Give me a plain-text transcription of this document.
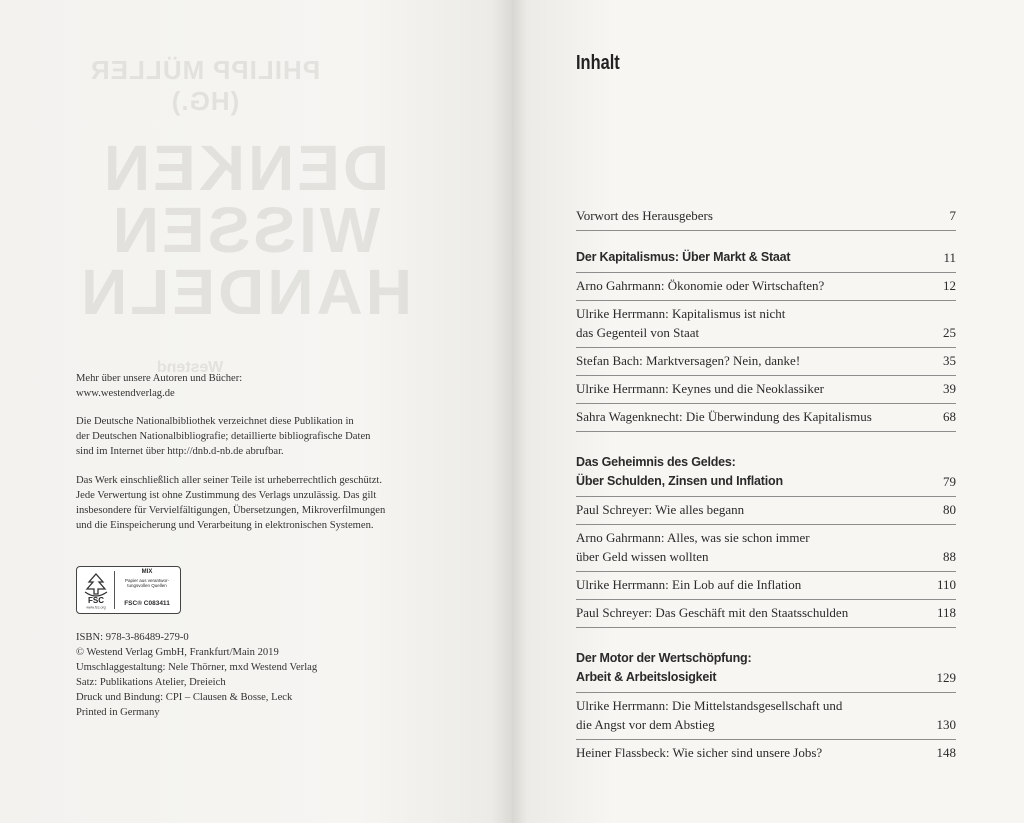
PHILIPP MÜLLER (HG.)
DENKEN
WISSEN
HANDELN
Westend

Mehr über unsere Autoren und Bücher:
www.westendverlag.de

Die Deutsche Nationalbibliothek verzeichnet diese Publikation in
der Deutschen Nationalbibliografie; detaillierte bibliografische Daten
sind im Internet über http://dnb.d-nb.de abrufbar.

Das Werk einschließlich aller seiner Teile ist urheberrechtlich geschützt.
Jede Verwertung ist ohne Zustimmung des Verlags unzulässig. Das gilt
insbesondere für Vervielfältigungen, Übersetzungen, Mikroverfilmungen
und die Einspeicherung und Verarbeitung in elektronischen Systemen.

FSC
www.fsc.org
MIX
Papier aus verantwor-
tungsvollen Quellen
FSC® C083411

ISBN: 978-3-86489-279-0
© Westend Verlag GmbH, Frankfurt/Main 2019
Umschlaggestaltung: Nele Thörner, mxd Westend Verlag
Satz: Publikations Atelier, Dreieich
Druck und Bindung: CPI – Clausen & Bosse, Leck
Printed in Germany

Inhalt
Vorwort des Herausgebers	7
Der Kapitalismus: Über Markt & Staat	11
Arno Gahrmann: Ökonomie oder Wirtschaften?	12
Ulrike Herrmann: Kapitalismus ist nicht
das Gegenteil von Staat	25
Stefan Bach: Marktversagen? Nein, danke!	35
Ulrike Herrmann: Keynes und die Neoklassiker	39
Sahra Wagenknecht: Die Überwindung des Kapitalismus	68
Das Geheimnis des Geldes:
Über Schulden, Zinsen und Inflation	79
Paul Schreyer: Wie alles begann	80
Arno Gahrmann: Alles, was sie schon immer
über Geld wissen wollten	88
Ulrike Herrmann: Ein Lob auf die Inflation	110
Paul Schreyer: Das Geschäft mit den Staatsschulden	118
Der Motor der Wertschöpfung:
Arbeit & Arbeitslosigkeit	129
Ulrike Herrmann: Die Mittelstandsgesellschaft und
die Angst vor dem Abstieg	130
Heiner Flassbeck: Wie sicher sind unsere Jobs?	148
